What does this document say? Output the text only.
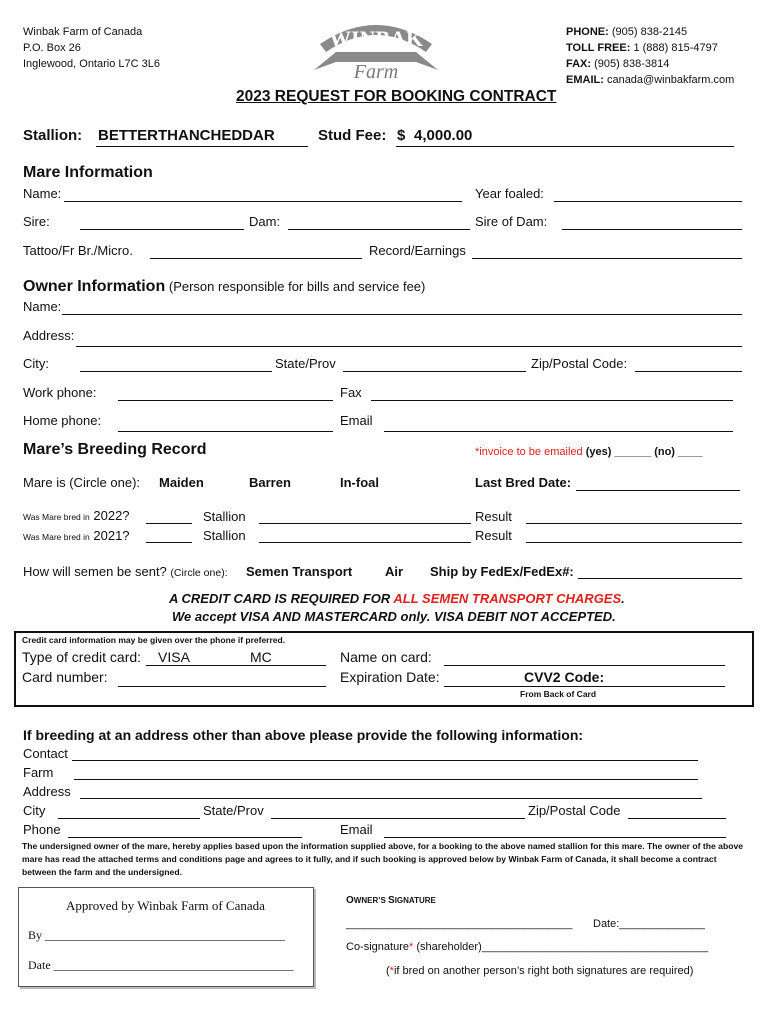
Winbak Farm of Canada
P.O. Box 26
Inglewood, Ontario L7C 3L6
WINBAK
Farm
PHONE: (905) 838-2145
TOLL FREE: 1 (888) 815-4797
FAX: (905) 838-3814
EMAIL: canada@winbakfarm.com
2023 REQUEST FOR BOOKING CONTRACT
Stallion: BETTERTHANCHEDDAR	Stud Fee: $ 4,000.00
Mare Information
Name:	Year foaled:
Sire:	Dam:	Sire of Dam:
Tattoo/Fr Br./Micro.	Record/Earnings
Owner Information (Person responsible for bills and service fee)
Name:
Address:
City:	State/Prov	Zip/Postal Code:
Work phone:	Fax
Home phone:	Email
Mare’s Breeding Record	*invoice to be emailed (yes) ______ (no) ____
Mare is (Circle one): Maiden	Barren	In-foal	Last Bred Date:
Was Mare bred in 2022?	Stallion	Result
Was Mare bred in 2021?	Stallion	Result
How will semen be sent? (Circle one): Semen Transport	Air Ship by FedEx/FedEx#:
A CREDIT CARD IS REQUIRED FOR ALL SEMEN TRANSPORT CHARGES.
We accept VISA AND MASTERCARD only. VISA DEBIT NOT ACCEPTED.
Credit card information may be given over the phone if preferred.
Type of credit card: VISA	MC	Name on card:
Card number:	Expiration Date:	CVV2 Code:
From Back of Card
If breeding at an address other than above please provide the following information:
Contact
Farm
Address
City	State/Prov	Zip/Postal Code
Phone	Email
The undersigned owner of the mare, hereby applies based upon the information supplied above, for a booking to the above named stallion for this mare. The owner of the above mare has read the attached terms and conditions page and agrees to it fully, and if such booking is approved below by Winbak Farm of Canada, it shall become a contract between the farm and the undersigned.
Approved by Winbak Farm of Canada
By ________________________________________
Date ________________________________________
OWNER’S SIGNATURE
_____________________________________ Date:______________
Co-signature* (shareholder)_____________________________________
(*if bred on another person’s right both signatures are required)
